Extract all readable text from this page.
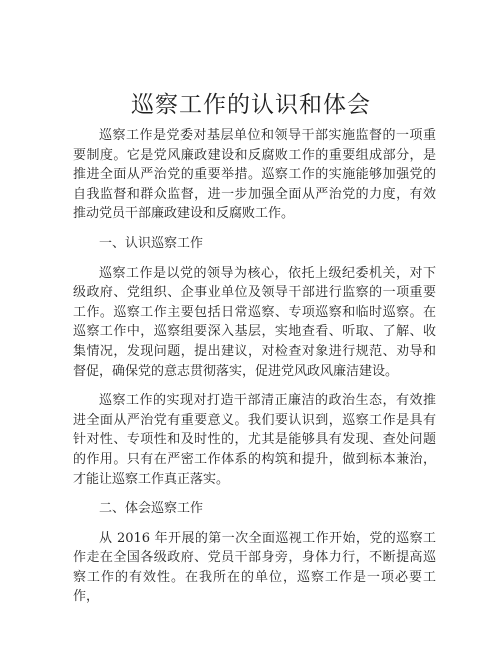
巡察工作的认识和体会

巡察工作是党委对基层单位和领导干部实施监督的一项重要制度。它是党风廉政建设和反腐败工作的重要组成部分，是推进全面从严治党的重要举措。巡察工作的实施能够加强党的自我监督和群众监督，进一步加强全面从严治党的力度，有效推动党员干部廉政建设和反腐败工作。

一、认识巡察工作

巡察工作是以党的领导为核心，依托上级纪委机关，对下级政府、党组织、企事业单位及领导干部进行监察的一项重要工作。巡察工作主要包括日常巡察、专项巡察和临时巡察。在巡察工作中，巡察组要深入基层，实地查看、听取、了解、收集情况，发现问题，提出建议，对检查对象进行规范、劝导和督促，确保党的意志贯彻落实，促进党风政风廉洁建设。

巡察工作的实现对打造干部清正廉洁的政治生态，有效推进全面从严治党有重要意义。我们要认识到，巡察工作是具有针对性、专项性和及时性的，尤其是能够具有发现、查处问题的作用。只有在严密工作体系的构筑和提升，做到标本兼治，才能让巡察工作真正落实。

二、体会巡察工作

从 2016 年开展的第一次全面巡视工作开始，党的巡察工作走在全国各级政府、党员干部身旁，身体力行，不断提高巡察工作的有效性。在我所在的单位，巡察工作是一项必要工作，
